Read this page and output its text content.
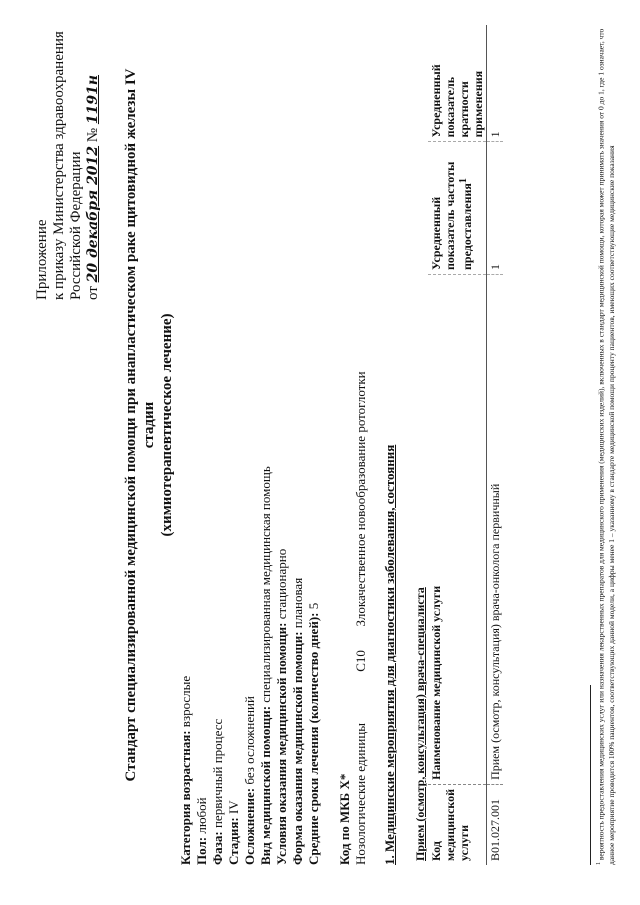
Приложение к приказу Министерства здравоохранения Российской Федерации от 20 декабря 2012 № 1191н Стандарт специализированной медицинской помощи при анапластическом раке щитовидной железы IV стадии (химиотерапевтическое лечение)
Категория возрастная: взрослые
Пол: любой
Фаза: первичный процесс
Стадия: IV Осложнение: без осложнений Вид медицинской помощи: специализированная медицинская помощь
Условия оказания медицинской помощи: стационарно
Форма оказания медицинской помощи: плановая
Средние сроки лечения (количество дней): 5
Код по МКБ X* Нозологические единицы C10 Злокачественное новообразование ротоглотки 1. Медицинские мероприятия для диагностики заболевания, состояния Прием (осмотр, консультация) врача-специалиста			
Код медицинской услуги	Наименование медицинской услуги	Усредненный показатель частоты предоставления$^1$	Усредненный показатель кратности применения
B01.027.001	Прием (осмотр, консультация) врача-онколога первичный	1	1
$^1$ вероятность предоставления медицинских услуг или назначения лекарственных препаратов для медицинского применения (медицинских изделий), включенных в стандарт медицинской помощи, которая может принимать значения от 0 до 1, где 1 означает, что данное мероприятие проводится 100% пациентов, соответствующих данной модели, а цифры менее 1 – указанному в стандарте медицинской помощи проценту пациентов, имеющих соответствующие медицинские показания
